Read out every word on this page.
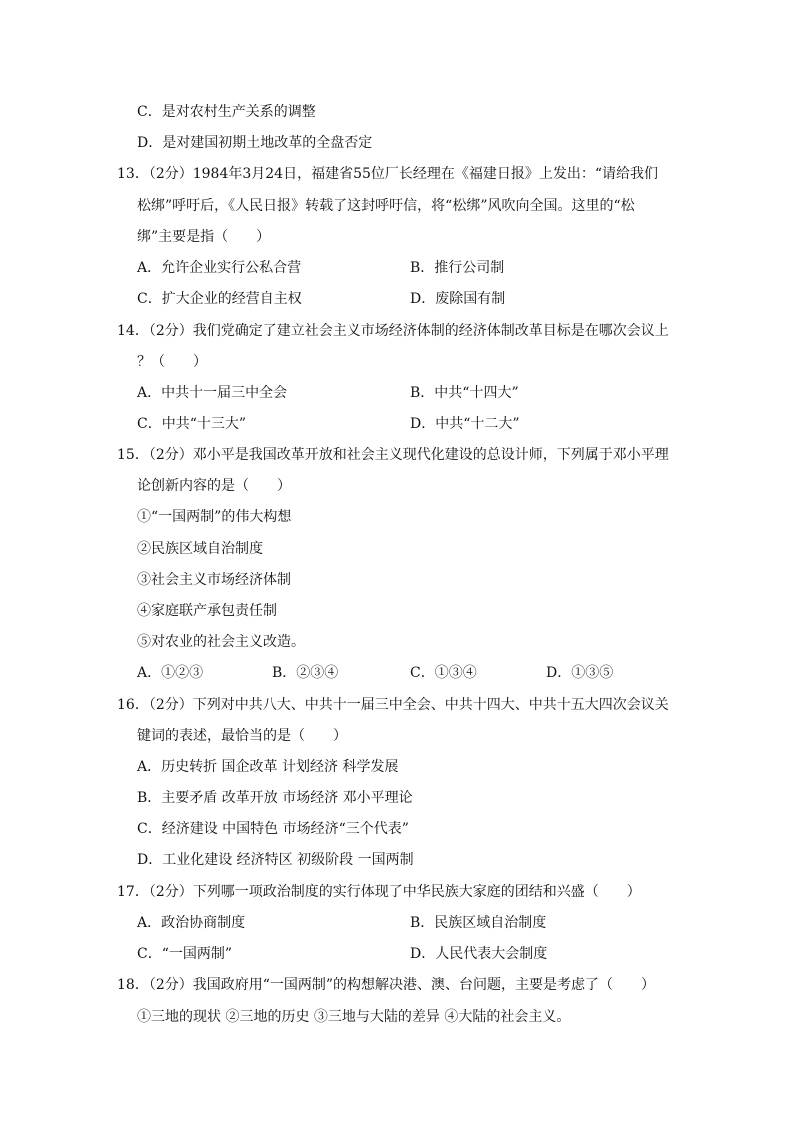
C．是对农村生产关系的调整
D．是对建国初期土地改革的全盘否定
13．（2分）1984年3月24日，福建省55位厂长经理在《福建日报》上发出：“请给我们
松绑”呼吁后，《人民日报》转载了这封呼吁信，将“松绑”风吹向全国。这里的“松
绑”主要是指（　　）
A．允许企业实行公私合营	B．推行公司制
C．扩大企业的经营自主权	D．废除国有制
14．（2分）我们党确定了建立社会主义市场经济体制的经济体制改革目标是在哪次会议上
？（　　）
A．中共十一届三中全会	B．中共“十四大”
C．中共“十三大”	D．中共“十二大”
15．（2分）邓小平是我国改革开放和社会主义现代化建设的总设计师，下列属于邓小平理
论创新内容的是（　　）
①“一国两制”的伟大构想
②民族区域自治制度
③社会主义市场经济体制
④家庭联产承包责任制
⑤对农业的社会主义改造。
A．①②③	B．②③④	C．①③④	D．①③⑤
16．（2分）下列对中共八大、中共十一届三中全会、中共十四大、中共十五大四次会议关
键词的表述，最恰当的是（　　）
A．历史转折 国企改革 计划经济 科学发展
B．主要矛盾 改革开放 市场经济 邓小平理论
C．经济建设 中国特色 市场经济“三个代表”
D．工业化建设 经济特区 初级阶段 一国两制
17．（2分）下列哪一项政治制度的实行体现了中华民族大家庭的团结和兴盛（　　）
A．政治协商制度	B．民族区域自治制度
C．“一国两制”	D．人民代表大会制度
18．（2分）我国政府用“一国两制”的构想解决港、澳、台问题，主要是考虑了（　　）
①三地的现状 ②三地的历史 ③三地与大陆的差异 ④大陆的社会主义。
